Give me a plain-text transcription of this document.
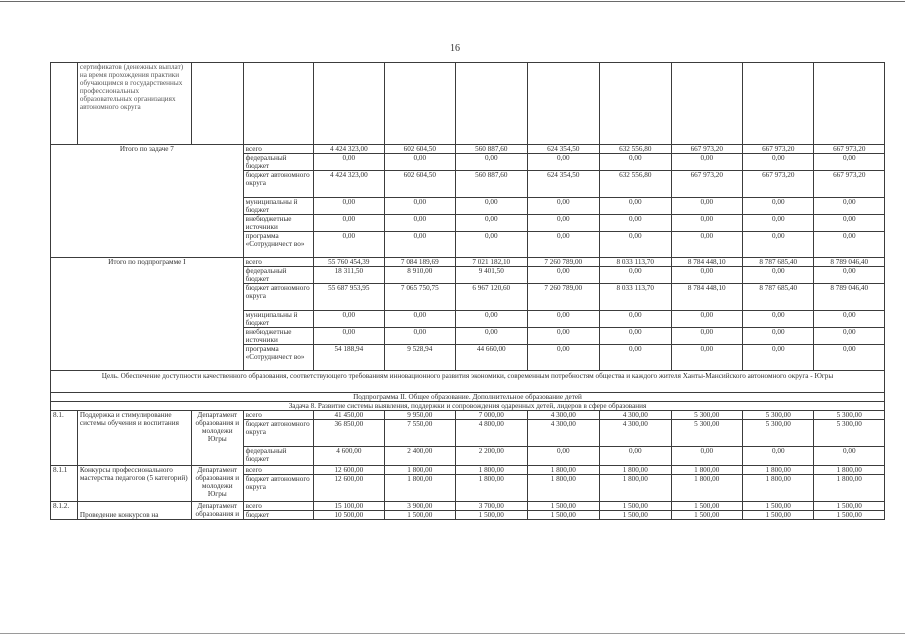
16
	сертификатов (денежных выплат) на время прохождения практики обучающимся в государственных профессиональных образовательных организациях автономного округа										
Итого по задаче 7			всего	4 424 323,00	602 604,50	560 887,60	624 354,50	632 556,80	667 973,20	667 973,20	667 973,20
			федеральный бюджет	0,00	0,00	0,00	0,00	0,00	0,00	0,00	0,00
			бюджет автономного округа	4 424 323,00	602 604,50	560 887,60	624 354,50	632 556,80	667 973,20	667 973,20	667 973,20
			муниципальны й бюджет	0,00	0,00	0,00	0,00	0,00	0,00	0,00	0,00
			внебюджетные источники	0,00	0,00	0,00	0,00	0,00	0,00	0,00	0,00
			программа «Сотрудничест во»	0,00	0,00	0,00	0,00	0,00	0,00	0,00	0,00
Итого по подпрограмме I			всего	55 760 454,39	7 084 189,69	7 021 182,10	7 260 789,00	8 033 113,70	8 784 448,10	8 787 685,40	8 789 046,40
			федеральный бюджет	18 311,50	8 910,00	9 401,50	0,00	0,00	0,00	0,00	0,00
			бюджет автономного округа	55 687 953,95	7 065 750,75	6 967 120,60	7 260 789,00	8 033 113,70	8 784 448,10	8 787 685,40	8 789 046,40
			муниципальны й бюджет	0,00	0,00	0,00	0,00	0,00	0,00	0,00	0,00
			внебюджетные источники	0,00	0,00	0,00	0,00	0,00	0,00	0,00	0,00
			программа «Сотрудничест во»	54 188,94	9 528,94	44 660,00	0,00	0,00	0,00	0,00	0,00
Цель. Обеспечение доступности качественного образования, соответствующего требованиям инновационного развития экономики, современным потребностям общества и каждого жителя Ханты-Мансийского автономного округа - Югры											
Подпрограмма II. Общее образование. Дополнительное образование детей											
Задача 8. Развитие системы выявления, поддержки и сопровождения одаренных детей, лидеров в сфере образования											
8.1.	Поддержка и стимулирование системы обучения и воспитания	Департамент образования и молодежи Югры	всего	41 450,00	9 950,00	7 000,00	4 300,00	4 300,00	5 300,00	5 300,00	5 300,00
			бюджет автономного округа	36 850,00	7 550,00	4 800,00	4 300,00	4 300,00	5 300,00	5 300,00	5 300,00
			федеральный бюджет	4 600,00	2 400,00	2 200,00	0,00	0,00	0,00	0,00	0,00
8.1.1	Конкурсы профессионального мастерства педагогов (5 категорий)	Департамент образования и молодежи Югры	всего	12 600,00	1 800,00	1 800,00	1 800,00	1 800,00	1 800,00	1 800,00	1 800,00
			бюджет автономного округа	12 600,00	1 800,00	1 800,00	1 800,00	1 800,00	1 800,00	1 800,00	1 800,00
8.1.2.	Проведение конкурсов на	Департамент образования и	всего	15 100,00	3 900,00	3 700,00	1 500,00	1 500,00	1 500,00	1 500,00	1 500,00
			бюджет	10 500,00	1 500,00	1 500,00	1 500,00	1 500,00	1 500,00	1 500,00	1 500,00
